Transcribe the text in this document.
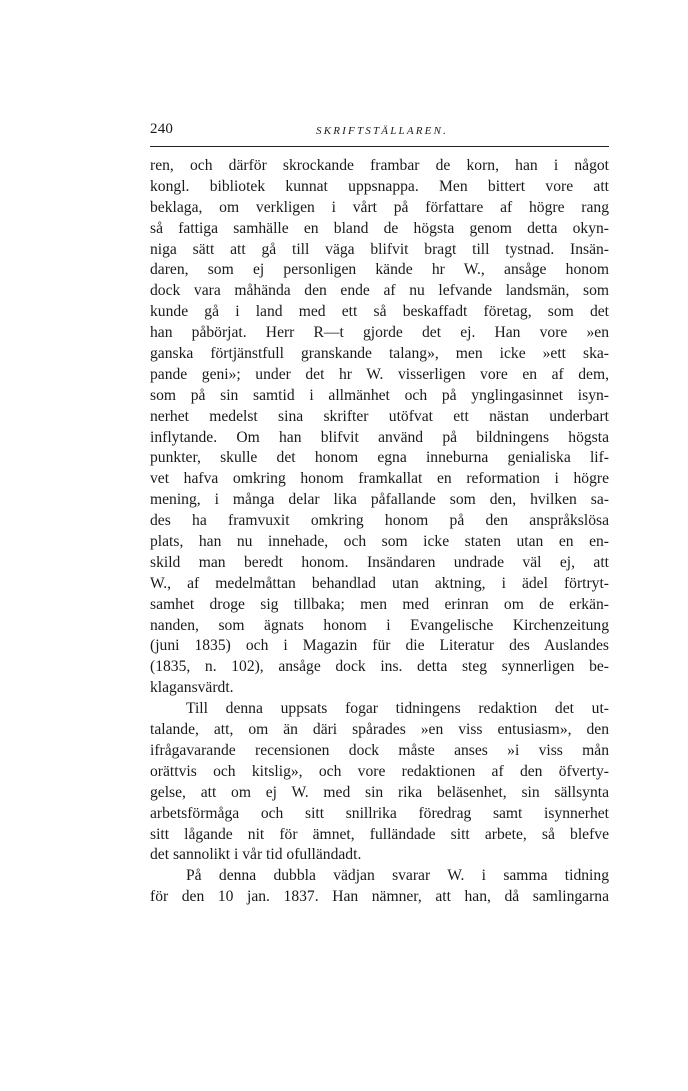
240	SKRIFTSTÄLLAREN.
ren, och därför skrockande frambar de korn, han i något
kongl. bibliotek kunnat uppsnappa. Men bittert vore att
beklaga, om verkligen i vårt på författare af högre rang
så fattiga samhälle en bland de högsta genom detta okyn-
niga sätt att gå till väga blifvit bragt till tystnad. Insän-
daren, som ej personligen kände hr W., ansåge honom
dock vara måhända den ende af nu lefvande landsmän, som
kunde gå i land med ett så beskaffadt företag, som det
han påbörjat. Herr R—t gjorde det ej. Han vore »en
ganska förtjänstfull granskande talang», men icke »ett ska-
pande geni»; under det hr W. visserligen vore en af dem,
som på sin samtid i allmänhet och på ynglingasinnet isyn-
nerhet medelst sina skrifter utöfvat ett nästan underbart
inflytande. Om han blifvit använd på bildningens högsta
punkter, skulle det honom egna inneburna genialiska lif-
vet hafva omkring honom framkallat en reformation i högre
mening, i många delar lika påfallande som den, hvilken sa-
des ha framvuxit omkring honom på den anspråkslösa
plats, han nu innehade, och som icke staten utan en en-
skild man beredt honom. Insändaren undrade väl ej, att
W., af medelmåttan behandlad utan aktning, i ädel förtryt-
samhet droge sig tillbaka; men med erinran om de erkän-
nanden, som ägnats honom i Evangelische Kirchenzeitung
(juni 1835) och i Magazin für die Literatur des Auslandes
(1835, n. 102), ansåge dock ins. detta steg synnerligen be-
klagansvärdt.
Till denna uppsats fogar tidningens redaktion det ut-
talande, att, om än däri spårades »en viss entusiasm», den
ifrågavarande recensionen dock måste anses »i viss mån
orättvis och kitslig», och vore redaktionen af den öfverty-
gelse, att om ej W. med sin rika beläsenhet, sin sällsynta
arbetsförmåga och sitt snillrika föredrag samt isynnerhet
sitt lågande nit för ämnet, fulländade sitt arbete, så blefve
det sannolikt i vår tid ofulländadt.
På denna dubbla vädjan svarar W. i samma tidning
för den 10 jan. 1837. Han nämner, att han, då samlingarna
